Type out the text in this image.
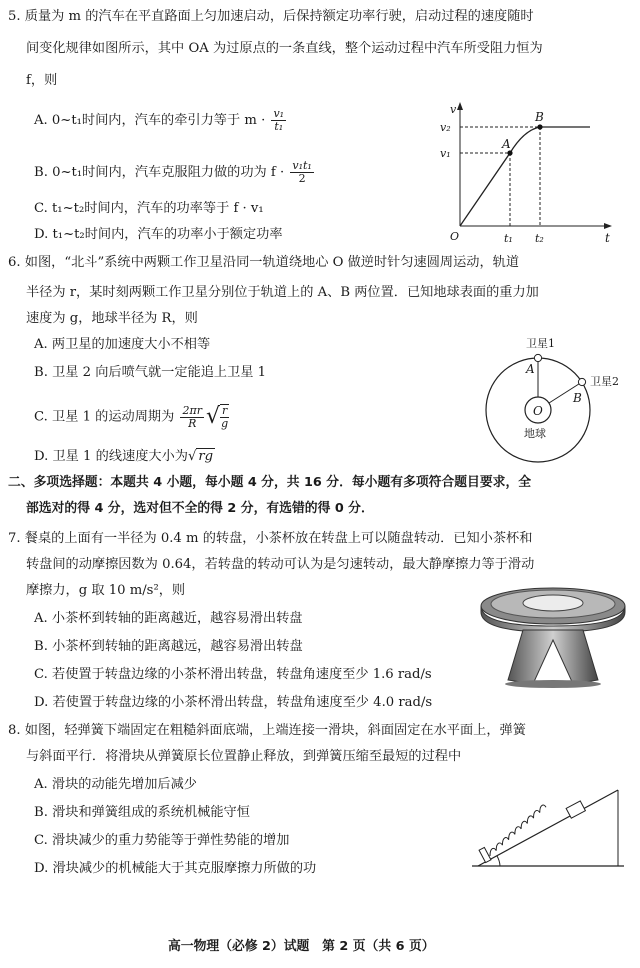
5. 质量为 m 的汽车在平直路面上匀加速启动，后保持额定功率行驶，启动过程的速度随时
间变化规律如图所示，其中 OA 为过原点的一条直线，整个运动过程中汽车所受阻力恒为
f，则
A. 0~t₁时间内，汽车的牵引力等于 $m \cdot \frac{\text{v₁}}{\text{t₁}}$
B. 0~t₁时间内，汽车克服阻力做的功为 $f \cdot \frac{\text{v₁t₁}}{2}$
C. t₁~t₂时间内，汽车的功率等于 f · v₁
D. t₁~t₂时间内，汽车的功率小于额定功率
v
v₂
v₁
A
B
O	t₁ t₂	t
6. 如图，“北斗”系统中两颗工作卫星沿同一轨道绕地心 O 做逆时针匀速圆周运动，轨道
半径为 r，某时刻两颗工作卫星分别位于轨道上的 A、B 两位置．已知地球表面的重力加
速度为 g，地球半径为 R，则
A. 两卫星的加速度大小不相等
B. 卫星 2 向后喷气就一定能追上卫星 1
C. 卫星 1 的运动周期为 $\frac{2\pi r}{R}$ √ $\frac{r}{g}$
D. 卫星 1 的线速度大小为√ rg
卫星1
卫星2
A
B
O
地球
二、多项选择题：本题共 4 小题，每小题 4 分，共 16 分．每小题有多项符合题目要求，全
部选对的得 4 分，选对但不全的得 2 分，有选错的得 0 分．
7. 餐桌的上面有一半径为 0.4 m 的转盘，小茶杯放在转盘上可以随盘转动．已知小茶杯和
转盘间的动摩擦因数为 0.64，若转盘的转动可认为是匀速转动，最大静摩擦力等于滑动
摩擦力，g 取 10 m/s²，则
A. 小茶杯到转轴的距离越近，越容易滑出转盘
B. 小茶杯到转轴的距离越远，越容易滑出转盘
C. 若使置于转盘边缘的小茶杯滑出转盘，转盘角速度至少 1.6 rad/s
D. 若使置于转盘边缘的小茶杯滑出转盘，转盘角速度至少 4.0 rad/s
8. 如图，轻弹簧下端固定在粗糙斜面底端，上端连接一滑块，斜面固定在水平面上，弹簧
与斜面平行．将滑块从弹簧原长位置静止释放，到弹簧压缩至最短的过程中
A. 滑块的动能先增加后减少
B. 滑块和弹簧组成的系统机械能守恒
C. 滑块减少的重力势能等于弹性势能的增加
D. 滑块减少的机械能大于其克服摩擦力所做的功
高一物理（必修 2）试题　第 2 页（共 6 页）
